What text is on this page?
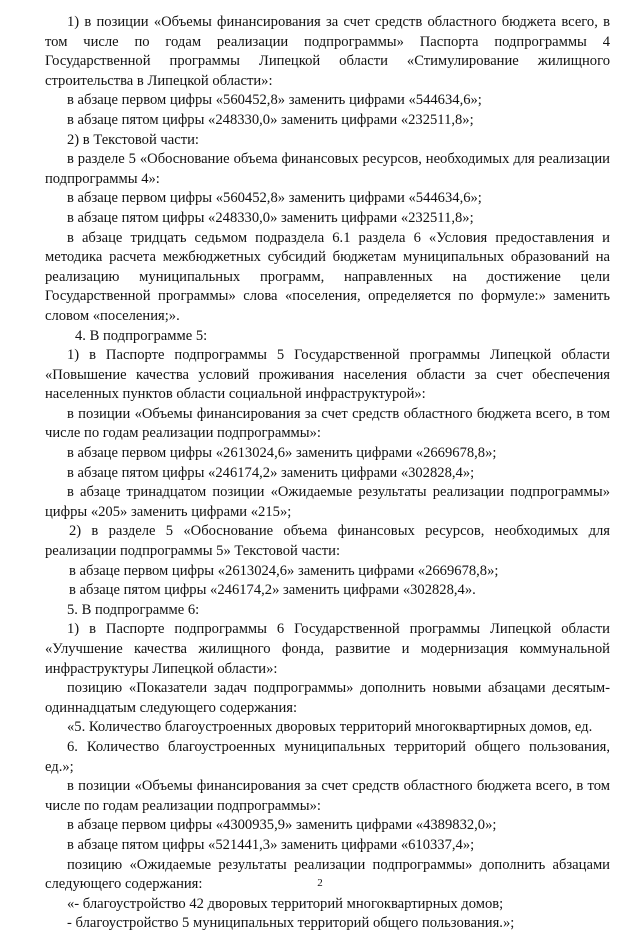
1) в позиции «Объемы финансирования за счет средств областного бюджета всего, в том числе по годам реализации подпрограммы» Паспорта подпрограммы 4 Государственной программы Липецкой области «Стимулирование жилищного строительства в Липецкой области»:

в абзаце первом цифры «560452,8» заменить цифрами «544634,6»;

в абзаце пятом цифры «248330,0» заменить цифрами «232511,8»;

2) в Текстовой части:

в разделе 5 «Обоснование объема финансовых ресурсов, необходимых для реализации подпрограммы 4»:

в абзаце первом цифры «560452,8» заменить цифрами «544634,6»;

в абзаце пятом цифры «248330,0» заменить цифрами «232511,8»;

в абзаце тридцать седьмом подраздела 6.1 раздела 6 «Условия предоставления и методика расчета межбюджетных субсидий бюджетам муниципальных образований на реализацию муниципальных программ, направленных на достижение цели Государственной программы» слова «поселения, определяется по формуле:» заменить словом «поселения;».

4. В подпрограмме 5:

1) в Паспорте подпрограммы 5 Государственной программы Липецкой области «Повышение качества условий проживания населения области за счет обеспечения населенных пунктов области социальной инфраструктурой»:

в позиции «Объемы финансирования за счет средств областного бюджета всего, в том числе по годам реализации подпрограммы»:

в абзаце первом цифры «2613024,6» заменить цифрами «2669678,8»;

в абзаце пятом цифры «246174,2» заменить цифрами «302828,4»;

в абзаце тринадцатом позиции «Ожидаемые результаты реализации подпрограммы» цифры «205» заменить цифрами «215»;

2) в разделе 5 «Обоснование объема финансовых ресурсов, необходимых для реализации подпрограммы 5» Текстовой части:

в абзаце первом цифры «2613024,6» заменить цифрами «2669678,8»;

в абзаце пятом цифры «246174,2» заменить цифрами «302828,4».

5. В подпрограмме 6:

1) в Паспорте подпрограммы 6 Государственной программы Липецкой области «Улучшение качества жилищного фонда, развитие и модернизация коммунальной инфраструктуры Липецкой области»:

позицию «Показатели задач подпрограммы» дополнить новыми абзацами десятым-одиннадцатым следующего содержания:

«5. Количество благоустроенных дворовых территорий многоквартирных домов, ед.

6. Количество благоустроенных муниципальных территорий общего пользования, ед.»;

в позиции «Объемы финансирования за счет средств областного бюджета всего, в том числе по годам реализации подпрограммы»:

в абзаце первом цифры «4300935,9» заменить цифрами «4389832,0»;

в абзаце пятом цифры «521441,3» заменить цифрами «610337,4»;

позицию «Ожидаемые результаты реализации подпрограммы» дополнить абзацами следующего содержания:

«- благоустройство 42 дворовых территорий многоквартирных домов;

- благоустройство 5 муниципальных территорий общего пользования.»;

2
